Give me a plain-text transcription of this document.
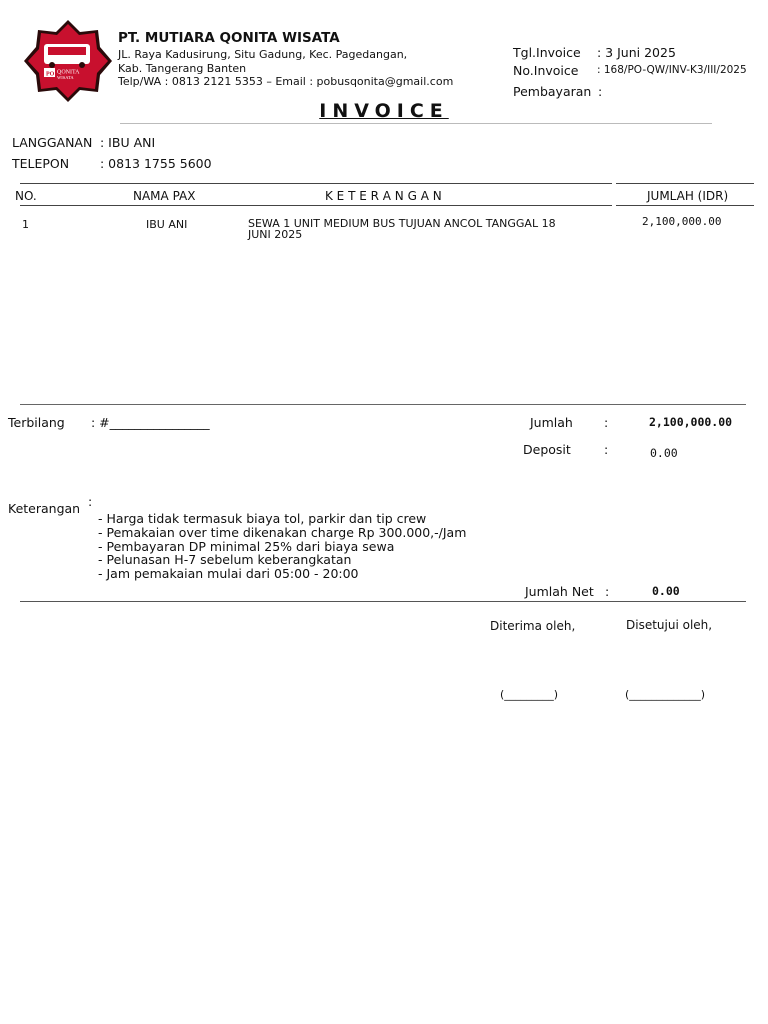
PO QONITA
WISATA
PT. MUTIARA QONITA WISATA
JL. Raya Kadusirung, Situ Gadung, Kec. Pagedangan,
Kab. Tangerang Banten
Telp/WA : 0813 2121 5353 – Email : pobusqonita@gmail.com
Tgl.Invoice : 3 Juni 2025
No.Invoice : 168/PO-QW/INV-K3/III/2025
Pembayaran :
INVOICE
LANGGANAN : IBU ANI
TELEPON : 0813 1755 5600
NO.	NAMA PAX	K E T E R A N G A N	JUMLAH (IDR)
1	IBU ANI	SEWA 1 UNIT MEDIUM BUS TUJUAN ANCOL TANGGAL 18
JUNI 2025
2,100,000.00
Terbilang : #________________	Jumlah :	2,100,000.00
Deposit	:	0.00
Keterangan :
- Harga tidak termasuk biaya tol, parkir dan tip crew
- Pemakaian over time dikenakan charge Rp 300.000,-/Jam
- Pembayaran DP minimal 25% dari biaya sewa
- Pelunasan H-7 sebelum keberangkatan
- Jam pemakaian mulai dari 05:00 - 20:00
Jumlah Net :	0.00
Diterima oleh,	Disetujui oleh,
(_________)	(_____________)
